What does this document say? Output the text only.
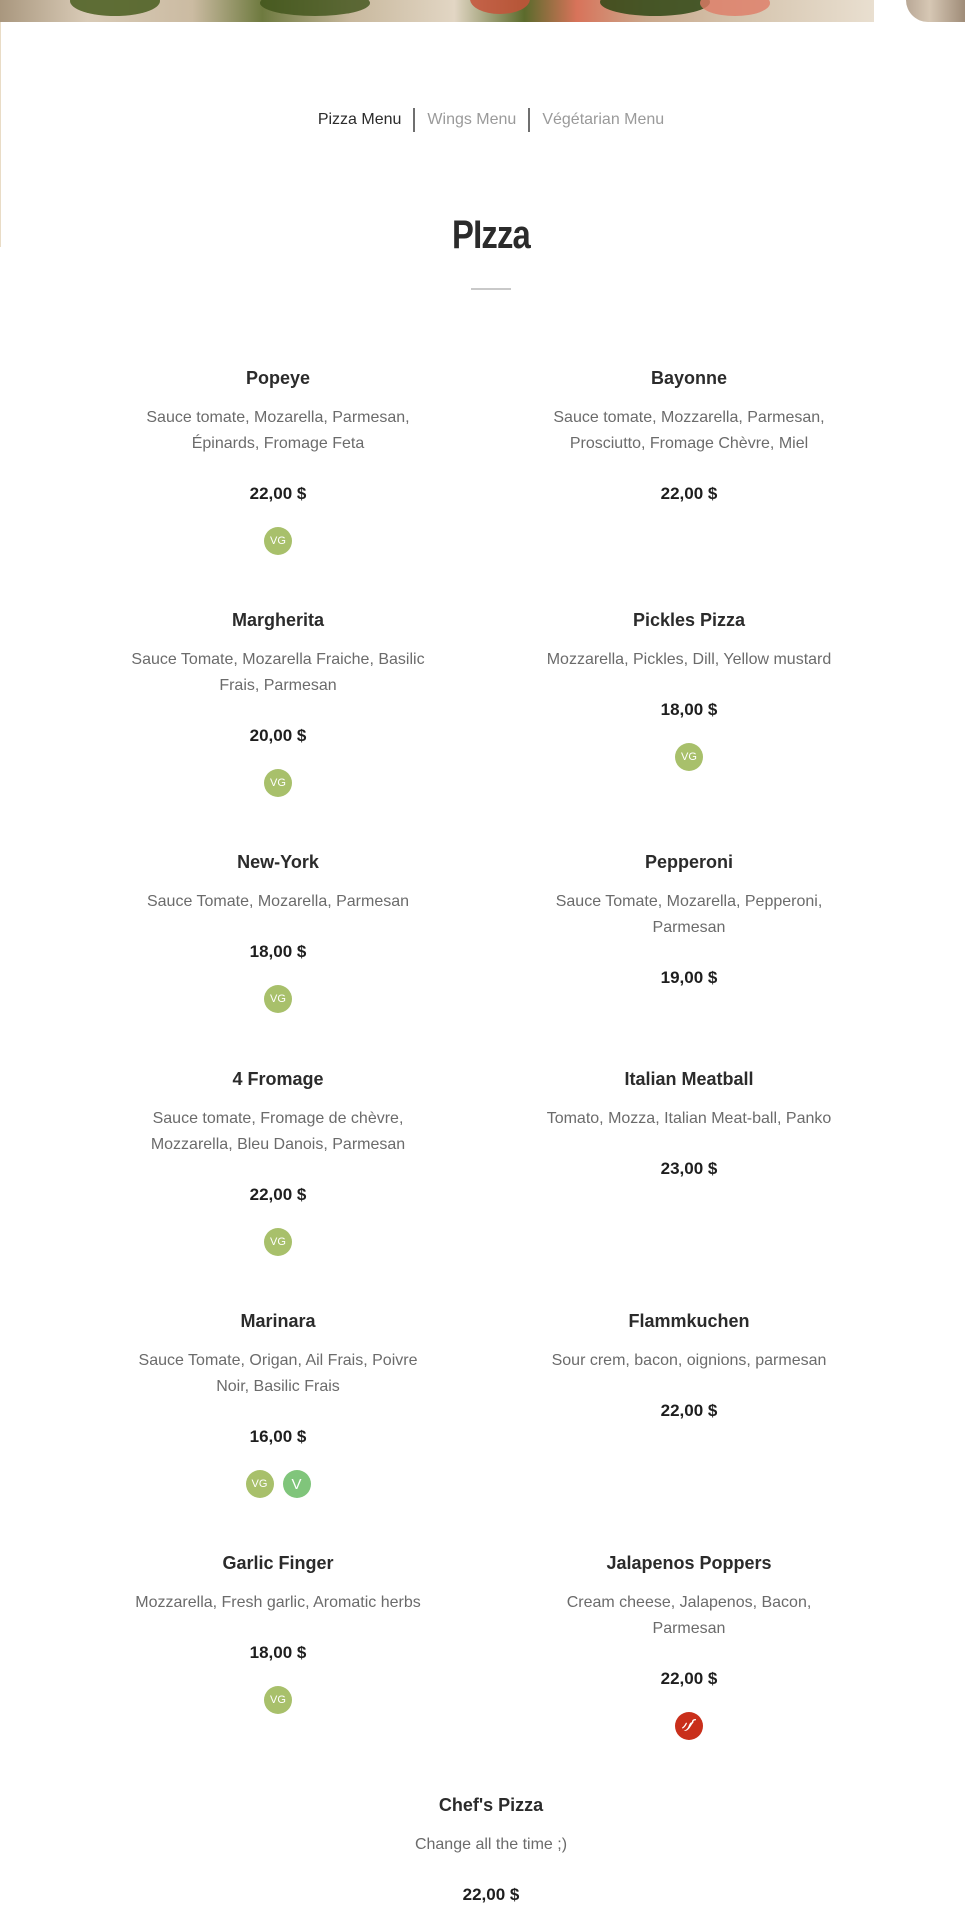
Pizza Menu	Wings Menu	Végétarian Menu
PIzza
Popeye
Sauce tomate, Mozarella, Parmesan, Épinards, Fromage Feta
22,00 $
VG
Bayonne
Sauce tomate, Mozzarella, Parmesan, Prosciutto, Fromage Chèvre, Miel
22,00 $
Margherita
Sauce Tomate, Mozarella Fraiche, Basilic Frais, Parmesan
20,00 $
VG
Pickles Pizza
Mozzarella, Pickles, Dill, Yellow mustard
18,00 $
VG
New-York
Sauce Tomate, Mozarella, Parmesan
18,00 $
VG
Pepperoni
Sauce Tomate, Mozarella, Pepperoni, Parmesan
19,00 $
4 Fromage
Sauce tomate, Fromage de chèvre, Mozzarella, Bleu Danois, Parmesan
22,00 $
VG
Italian Meatball
Tomato, Mozza, Italian Meat-ball, Panko
23,00 $
Marinara
Sauce Tomate, Origan, Ail Frais, Poivre Noir, Basilic Frais
16,00 $
VG	V
Flammkuchen
Sour crem, bacon, oignions, parmesan
22,00 $
Garlic Finger
Mozzarella, Fresh garlic, Aromatic herbs
18,00 $
VG
Jalapenos Poppers
Cream cheese, Jalapenos, Bacon, Parmesan
22,00 $
Chef's Pizza
Change all the time ;)
22,00 $
